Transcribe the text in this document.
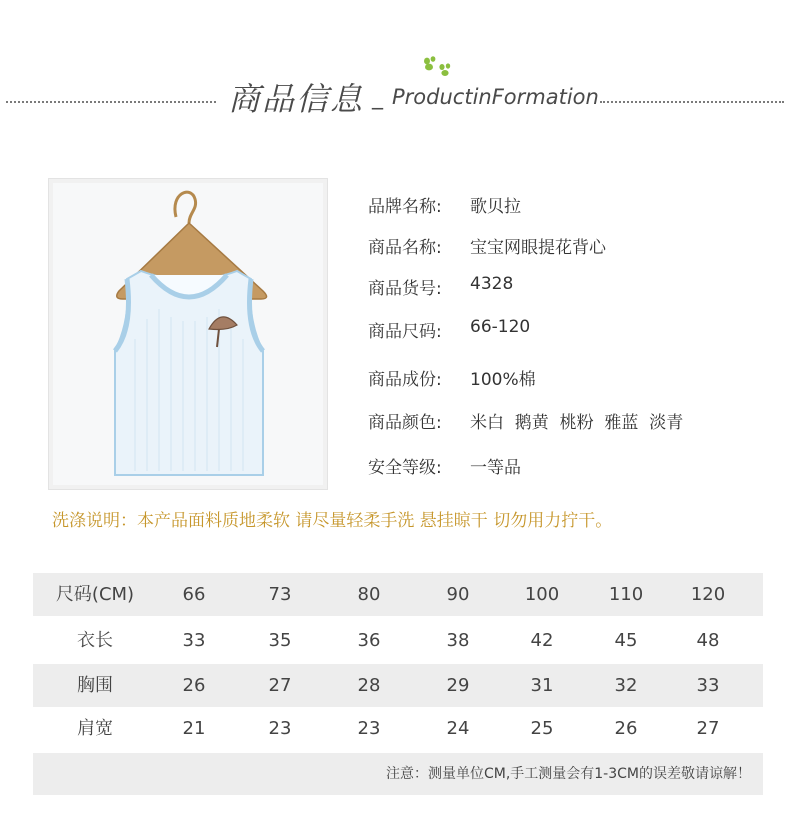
商品信息 _ ProductinFormation
品牌名称: 歌贝拉
商品名称: 宝宝网眼提花背心
商品货号: 4328
商品尺码: 66-120
商品成份: 100%棉
商品颜色: 米白  鹅黄  桃粉  雅蓝  淡青
安全等级: 一等品
洗涤说明：本产品面料质地柔软 请尽量轻柔手洗 悬挂晾干 切勿用力拧干。
尺码(CM)	66	73	80	90	100	110	120
衣长	33	35	36	38	42	45	48
胸围	26	27	28	29	31	32	33
肩宽	21	23	23	24	25	26	27
注意：测量单位CM,手工测量会有1-3CM的误差敬请谅解！
